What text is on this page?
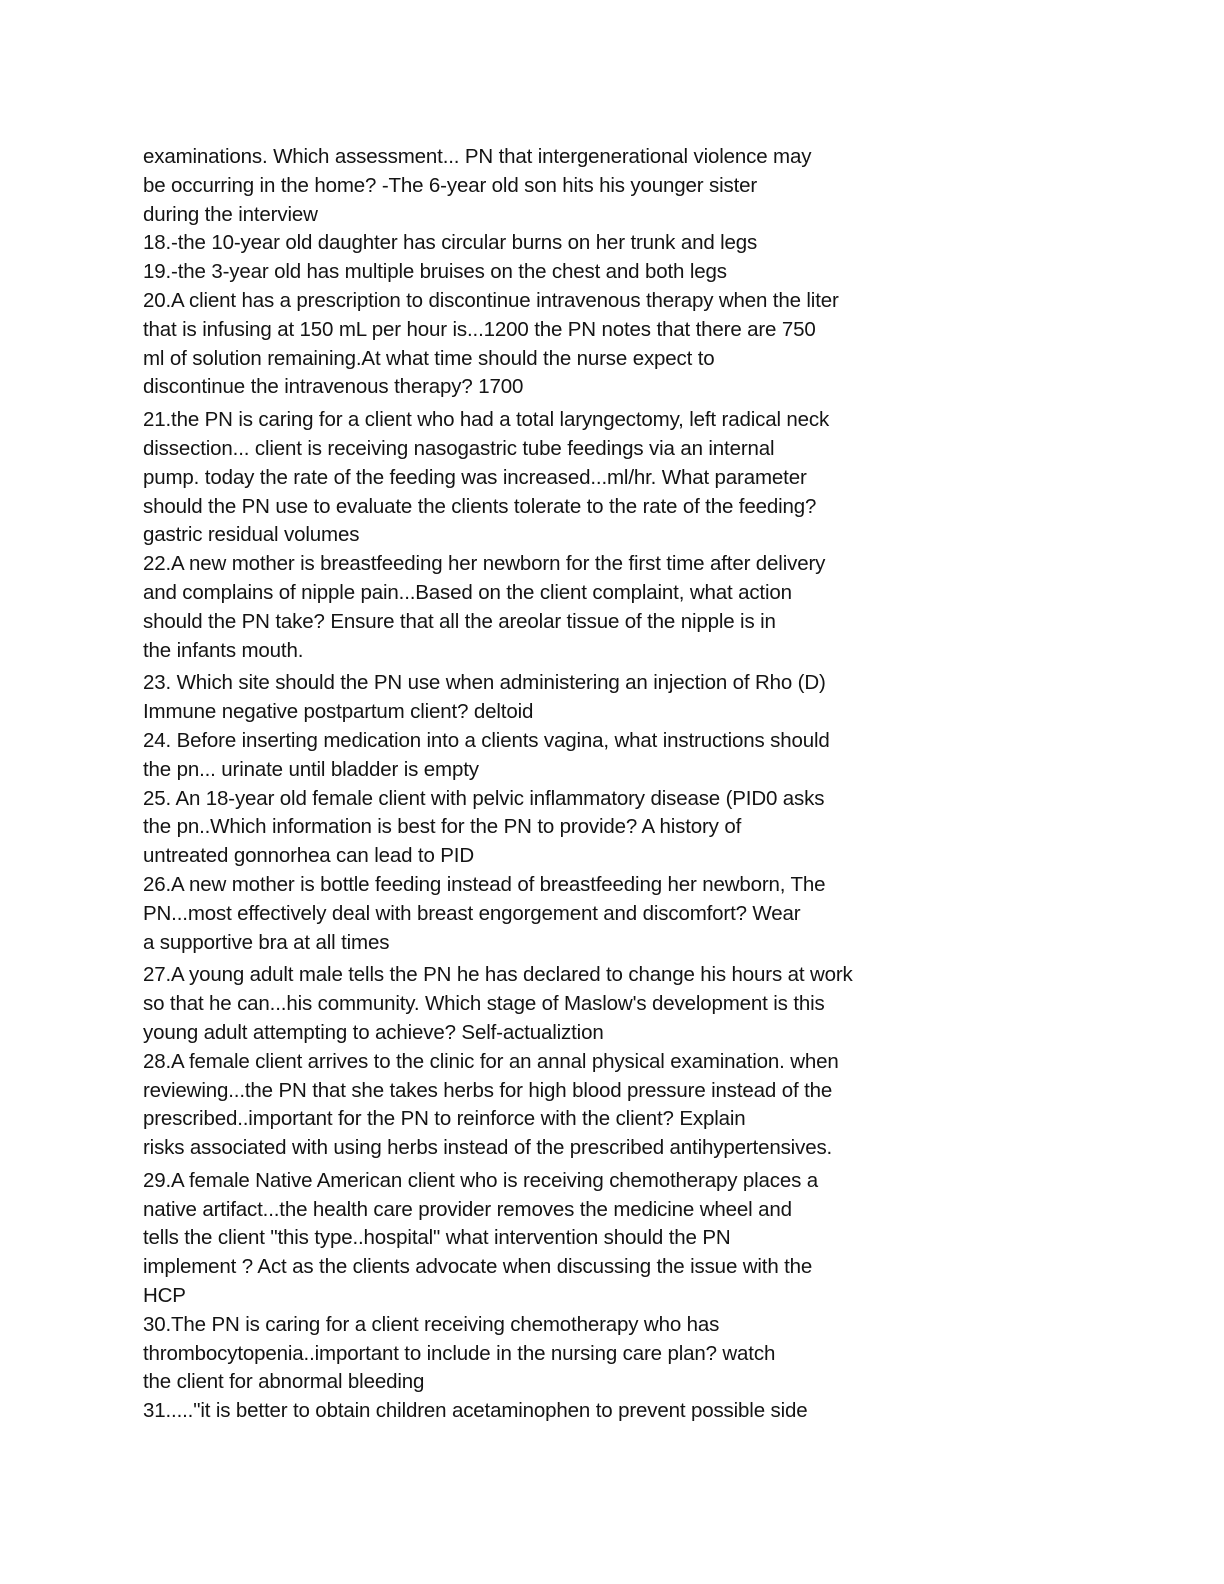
examinations. Which assessment... PN that intergenerational violence may
be occurring in the home? -The 6-year old son hits his younger sister
during the interview
18.-the 10-year old daughter has circular burns on her trunk and legs
19.-the 3-year old has multiple bruises on the chest and both legs
20.A client has a prescription to discontinue intravenous therapy when the liter
that is infusing at 150 mL per hour is...1200 the PN notes that there are 750
ml of solution remaining.At what time should the nurse expect to
discontinue the intravenous therapy? 1700
21.the PN is caring for a client who had a total laryngectomy, left radical neck
dissection... client is receiving nasogastric tube feedings via an internal
pump. today the rate of the feeding was increased...ml/hr. What parameter
should the PN use to evaluate the clients tolerate to the rate of the feeding?
gastric residual volumes
22.A new mother is breastfeeding her newborn for the first time after delivery
and complains of nipple pain...Based on the client complaint, what action
should the PN take? Ensure that all the areolar tissue of the nipple is in
the infants mouth.
23. Which site should the PN use when administering an injection of Rho (D)
Immune negative postpartum client? deltoid
24. Before inserting medication into a clients vagina, what instructions should
the pn... urinate until bladder is empty
25. An 18-year old female client with pelvic inflammatory disease (PID0 asks
the pn..Which information is best for the PN to provide? A history of
untreated gonnorhea can lead to PID
26.A new mother is bottle feeding instead of breastfeeding her newborn, The
PN...most effectively deal with breast engorgement and discomfort? Wear
a supportive bra at all times
27.A young adult male tells the PN he has declared to change his hours at work
so that he can...his community. Which stage of Maslow's development is this
young adult attempting to achieve? Self-actualiztion
28.A female client arrives to the clinic for an annal physical examination. when
reviewing...the PN that she takes herbs for high blood pressure instead of the
prescribed..important for the PN to reinforce with the client? Explain
risks associated with using herbs instead of the prescribed antihypertensives.
29.A female Native American client who is receiving chemotherapy places a
native artifact...the health care provider removes the medicine wheel and
tells the client "this type..hospital" what intervention should the PN
implement ? Act as the clients advocate when discussing the issue with the
HCP
30.The PN is caring for a client receiving chemotherapy who has
thrombocytopenia..important to include in the nursing care plan? watch
the client for abnormal bleeding
31....."it is better to obtain children acetaminophen to prevent possible side
